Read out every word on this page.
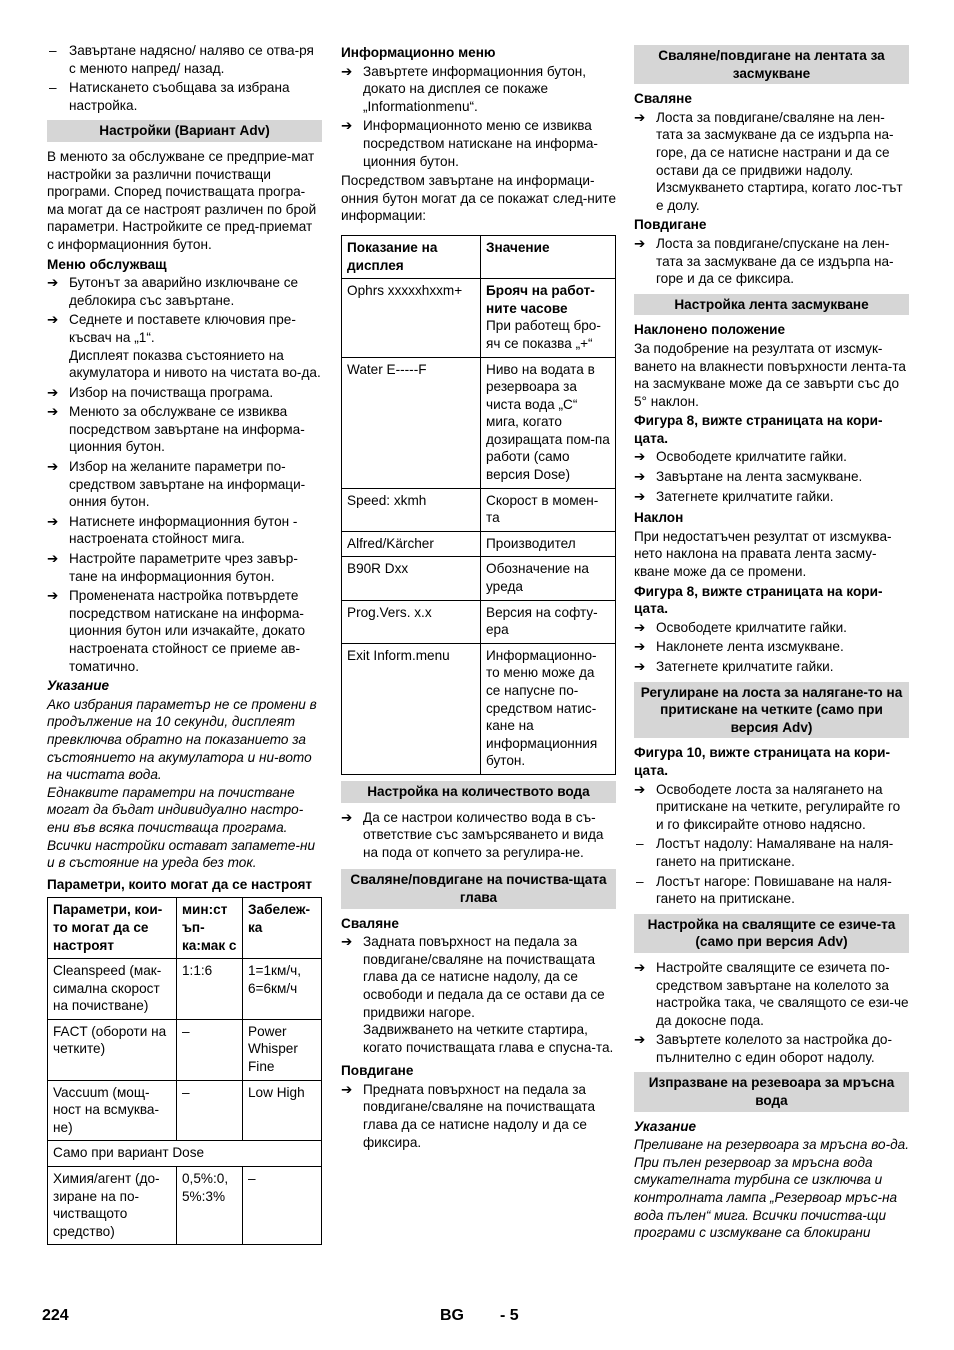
– Завъртане надясно/ наляво се отва-ря с менюто напред/ назад.
– Натискането съобщава за избрана настройка.
Настройки (Вариант Adv)

В менюто за обслужване се предприе-мат настройки за различни почистващи програми. Според почистващата програ-ма могат да се настроят различен по брой параметри. Настройките се пред-приемат с информационния бутон.

Меню обслужващ
➔ Бутонът за аварийно изключване се деблокира със завъртане.
➔ Седнете и поставете ключовия пре-късвач на „1“.
Дисплеят показва състоянието на акумулатора и нивото на чистата во-да.
➔ Избор на почистваща програма.
➔ Менюто за обслужване се извиква посредством завъртане на информа-ционния бутон.
➔ Избор на желаните параметри по-средством завъртане на информаци-онния бутон.
➔ Натиснете информационния бутон - настроената стойност мига.
➔ Настройте параметрите чрез завър-тане на информационния бутон.
➔ Променената настройка потвърдете посредством натискане на информа-ционния бутон или изчакайте, докато настроената стойност се приеме ав-томатично.
Указание

Ако избрания параметър не се промени в продължение на 10 секунди, дисплеят превключва обратно на показанието за състоянието на акумулатора и ни-вото на чистата вода.

Еднаквите параметри на почистване могат да бъдат индивидуално настро-ени във всяка почистваща програма. Всички настройки остават запаметe-ни и в състояние на уреда без ток.

Параметри, които могат да се настроят
Параметри, кои-то могат да се настроят	мин:ст ъп-ка:мак с	Забележ-ка
Cleanspeed (мак-симална скорост на почистване)	1:1:6	1=1км/ч, 6=6км/ч
FACT (обороти на четките)	–	Power Whisper Fine
Vaccuum (мощ-ност на всмуква-не)	–	Low High
Само при вариант Dose		
Химия/агент (до-зиране на по-чистващото средство)	0,5%:0, 5%:3%	–
Информационно меню
➔ Завъртете информационния бутон, докато на дисплея се покаже „Informationmenu“.
➔ Информационното меню се извиква посредством натискане на информа-ционния бутон.

Посредством завъртане на информаци-онния бутон могат да се покажат след-ните информации:

Показание на дисплея	Значение
Ophrs xxxxxhxxm+	Брояч на работ-ните часове
При работещ бро-яч се показва „+“

Water E-----F	Ниво на водата в резервоара за чиста вода „C“ мига, когато дозиращата пом-па работи (само версия Dose)
Speed: xkmh	Скорост в момен-та
Alfred/Kärcher	Производител
B90R Dxx	Обозначение на уреда
Prog.Vers. x.x	Версия на софту-ера
Exit Inform.menu	Информационно-то меню може да се напусне по-средством натис-кане на информационния бутон.
Настройка на количеството вода
➔ Да се настрои количество вода в съ-ответствие със замърсяването и вида на пода от копчето за регулира-не.
Сваляне/повдигане на почиства-щата глава
Сваляне
➔ Задната повърхност на педала за повдигане/сваляне на почистващата глава да се натисне надолу, да се освободи и педала да се остави да се придвижи нагоре.
Задвижването на четките стартира, когато почистващата глава е спусна-та.
Повдигане
➔ Предната повърхност на педала за повдигане/сваляне на почистващата глава да се натисне надолу и да се фиксира.
Сваляне/повдигане на лентата за засмукване
Сваляне
➔ Лоста за повдигане/сваляне на лен-тата за засмукване да се издърпа на-горе, да се натисне настрани и да се остави да се придвижи надолу.
Изсмукването стартира, когато лос-тът е долу.
Повдигане
➔ Лоста за повдигане/спускане на лен-тата за засмукване да се издърпа на-горе и да се фиксира.
Настройка лента засмукване
Наклонено положение

За подобрение на резултата от изсмук-ването на влакнести повърхности лента-та на засмукване може да се завърти със до 5° наклон.

Фигура 8, вижте страницата на кори-цата.
➔ Освободете крилчатите гайки.
➔ Завъртане на лента засмукване.
➔ Затегнете крилчатите гайки.
Наклон

При недостатъчен резултат от изсмуква-нето наклона на правата лента засму-кване може да се промени.

Фигура 8, вижте страницата на кори-цата.
➔ Освободете крилчатите гайки.
➔ Наклонете лента изсмукване.
➔ Затегнете крилчатите гайки.
Регулиране на лоста за налягане-то на притискане на четките (само при версия Adv)
Фигура 10, вижте страницата на кори-цата.
➔ Освободете лоста за налягането на притискане на четките, регулирайте го и го фиксирайте отново надясно.
– Лостът надолу: Намаляване на наля-гането на притискане.
– Лостът нагоре: Повишаване на наля-гането на притискане.
Настройка на свалящите се езиче-та (само при версия Adv)
➔ Настройте свалящите се езичета по-средством завъртане на колелото за настройка така, че свалящото се ези-че да докосне пода.
➔ Завъртете колелото за настройка до-пълнително с един оборот надолу.
Изпразване на резевоара за мръсна вода
Указание

Преливане на резервоара за мръсна во-да. При пълен резервоар за мръсна вода смукателната турбина се изключва и контролната лампа „Резервоар мръс-на вода пълен“ мига. Всички почиства-щи програми с изсмукване са блокирани

224	BG - 5
